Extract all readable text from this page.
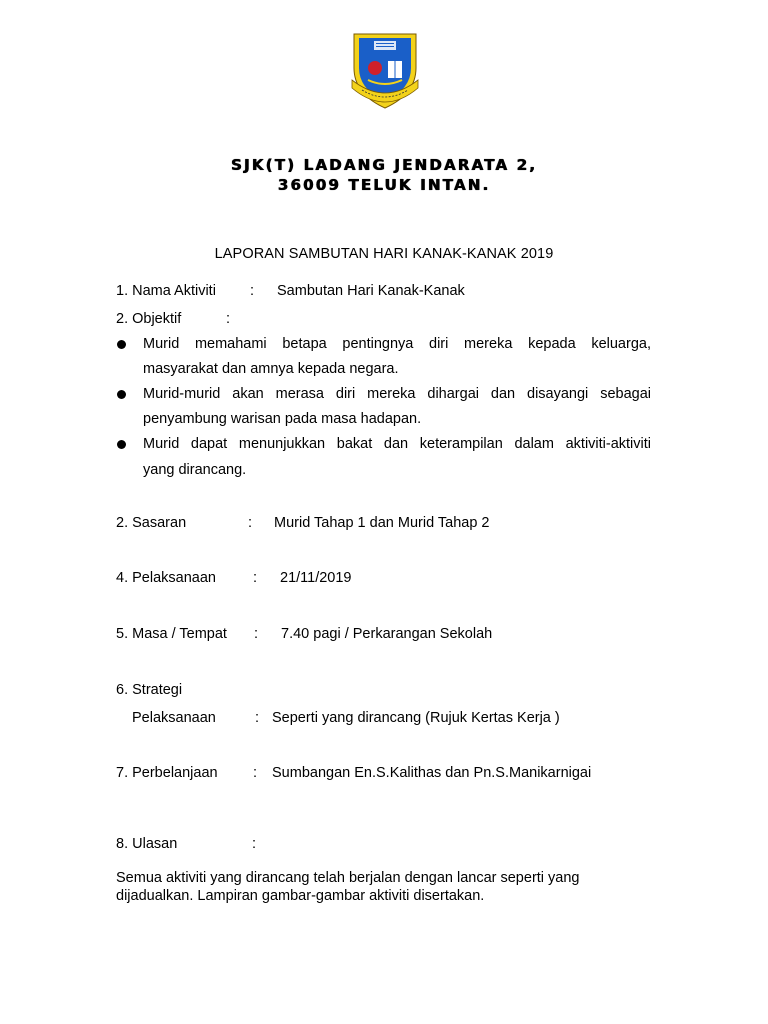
SJK(T) LADANG JENDARATA 2,
36009 TELUK INTAN.
LAPORAN SAMBUTAN HARI KANAK-KANAK 2019
1. Nama Aktiviti : Sambutan Hari Kanak-Kanak
2. Objektif	:
Murid memahami betapa pentingnya diri mereka kepada keluarga,
masyarakat dan amnya kepada negara.
Murid-murid akan merasa diri mereka dihargai dan disayangi sebagai
penyambung warisan pada masa hadapan.
Murid dapat menunjukkan bakat dan keterampilan dalam aktiviti-aktiviti
yang dirancang.
2. Sasaran	: Murid Tahap 1 dan Murid Tahap 2
4. Pelaksanaan	: 21/11/2019
5. Masa / Tempat : 7.40 pagi / Perkarangan Sekolah
6. Strategi
Pelaksanaan	: Seperti yang dirancang (Rujuk Kertas Kerja )
7. Perbelanjaan : Sumbangan En.S.Kalithas dan Pn.S.Manikarnigai
8. Ulasan	:
Semua aktiviti yang dirancang telah berjalan dengan lancar seperti yang
dijadualkan. Lampiran gambar-gambar aktiviti disertakan.
